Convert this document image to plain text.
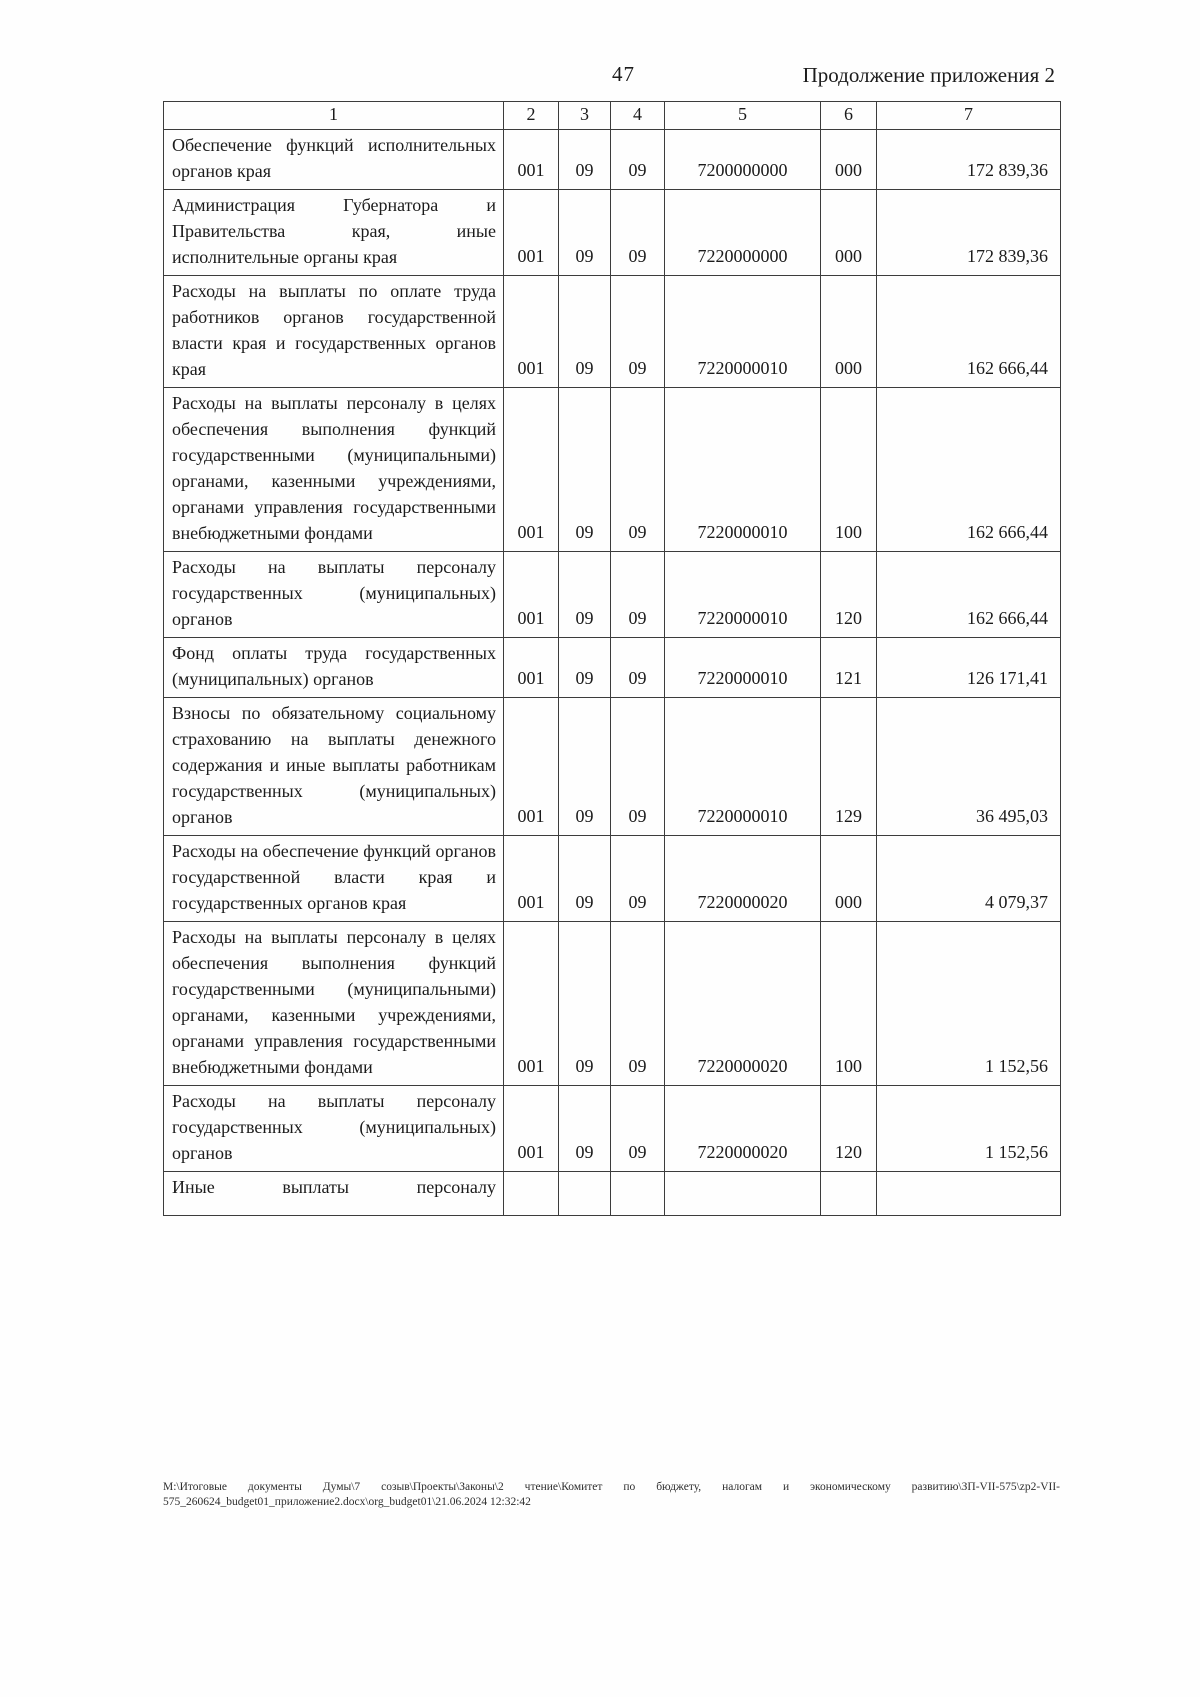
47	Продолжение приложения 2
1	2	3	4	5	6	7
Обеспечение функций исполнительных органов края	001	09	09	7200000000	000	172 839,36
Администрация Губернатора и Правительства края, иные исполнительные органы края	001	09	09	7220000000	000	172 839,36
Расходы на выплаты по оплате труда работников органов государственной власти края и государственных органов края	001	09	09	7220000010	000	162 666,44
Расходы на выплаты персоналу в целях обеспечения выполнения функций государственными (муниципальными) органами, казенными учреждениями, органами управления государственными внебюджетными фондами	001	09	09	7220000010	100	162 666,44
Расходы на выплаты персоналу государственных (муниципальных) органов	001	09	09	7220000010	120	162 666,44
Фонд оплаты труда государственных (муниципальных) органов	001	09	09	7220000010	121	126 171,41
Взносы по обязательному социальному страхованию на выплаты денежного содержания и иные выплаты работникам государственных (муниципальных) органов	001	09	09	7220000010	129	36 495,03
Расходы на обеспечение функций органов государственной власти края и государственных органов края	001	09	09	7220000020	000	4 079,37
Расходы на выплаты персоналу в целях обеспечения выполнения функций государственными (муниципальными) органами, казенными учреждениями, органами управления государственными внебюджетными фондами	001	09	09	7220000020	100	1 152,56
Расходы на выплаты персоналу государственных (муниципальных) органов	001	09	09	7220000020	120	1 152,56
Иные выплаты персоналу						
М:\Итоговые документы Думы\7 созыв\Проекты\Законы\2 чтение\Комитет по бюджету, налогам и экономическому развитию\ЗП-VII-575\zp2-VII-
575_260624_budget01_приложение2.docx\org_budget01\21.06.2024 12:32:42
